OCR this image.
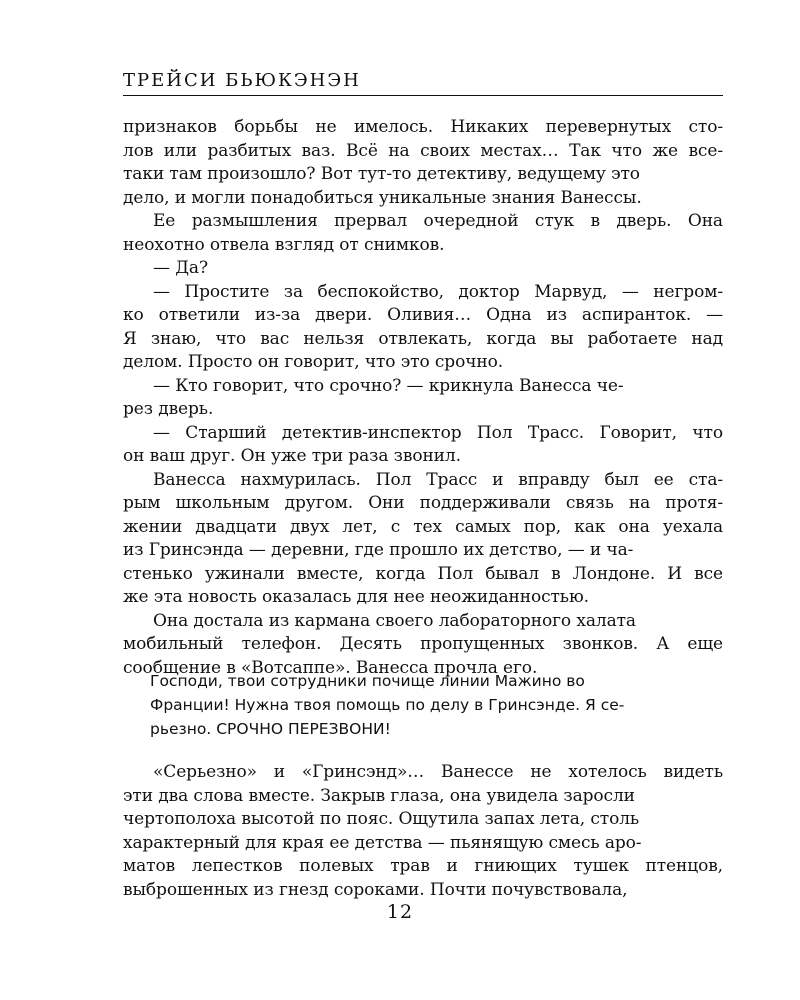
ТРЕЙСИ БЬЮКЭНЭН
признаков борьбы не имелось. Никаких перевернутых сто-
лов или разбитых ваз. Всё на своих местах… Так что же все-
таки там произошло? Вот тут-то детективу, ведущему это
дело, и могли понадобиться уникальные знания Ванессы.
Ее размышления прервал очередной стук в дверь. Она
неохотно отвела взгляд от снимков.
— Да?
— Простите за беспокойство, доктор Марвуд, — негром-
ко ответили из-за двери. Оливия… Одна из аспиранток. —
Я знаю, что вас нельзя отвлекать, когда вы работаете над
делом. Просто он говорит, что это срочно.
— Кто говорит, что срочно? — крикнула Ванесса че-
рез дверь.
— Старший детектив-инспектор Пол Трасс. Говорит, что
он ваш друг. Он уже три раза звонил.
Ванесса нахмурилась. Пол Трасс и вправду был ее ста-
рым школьным другом. Они поддерживали связь на протя-
жении двадцати двух лет, с тех самых пор, как она уехала
из Гринсэнда — деревни, где прошло их детство, — и ча-
стенько ужинали вместе, когда Пол бывал в Лондоне. И все
же эта новость оказалась для нее неожиданностью.
Она достала из кармана своего лабораторного халата
мобильный телефон. Десять пропущенных звонков. А еще
сообщение в «Вотсаппе». Ванесса прочла его.
Господи, твои сотрудники почище линии Мажино во
Франции! Нужна твоя помощь по делу в Гринсэнде. Я се-
рьезно. СРОЧНО ПЕРЕЗВОНИ!
«Серьезно» и «Гринсэнд»… Ванессе не хотелось видеть
эти два слова вместе. Закрыв глаза, она увидела заросли
чертополоха высотой по пояс. Ощутила запах лета, столь
характерный для края ее детства — пьянящую смесь аро-
матов лепестков полевых трав и гниющих тушек птенцов,
выброшенных из гнезд сороками. Почти почувствовала,
12
